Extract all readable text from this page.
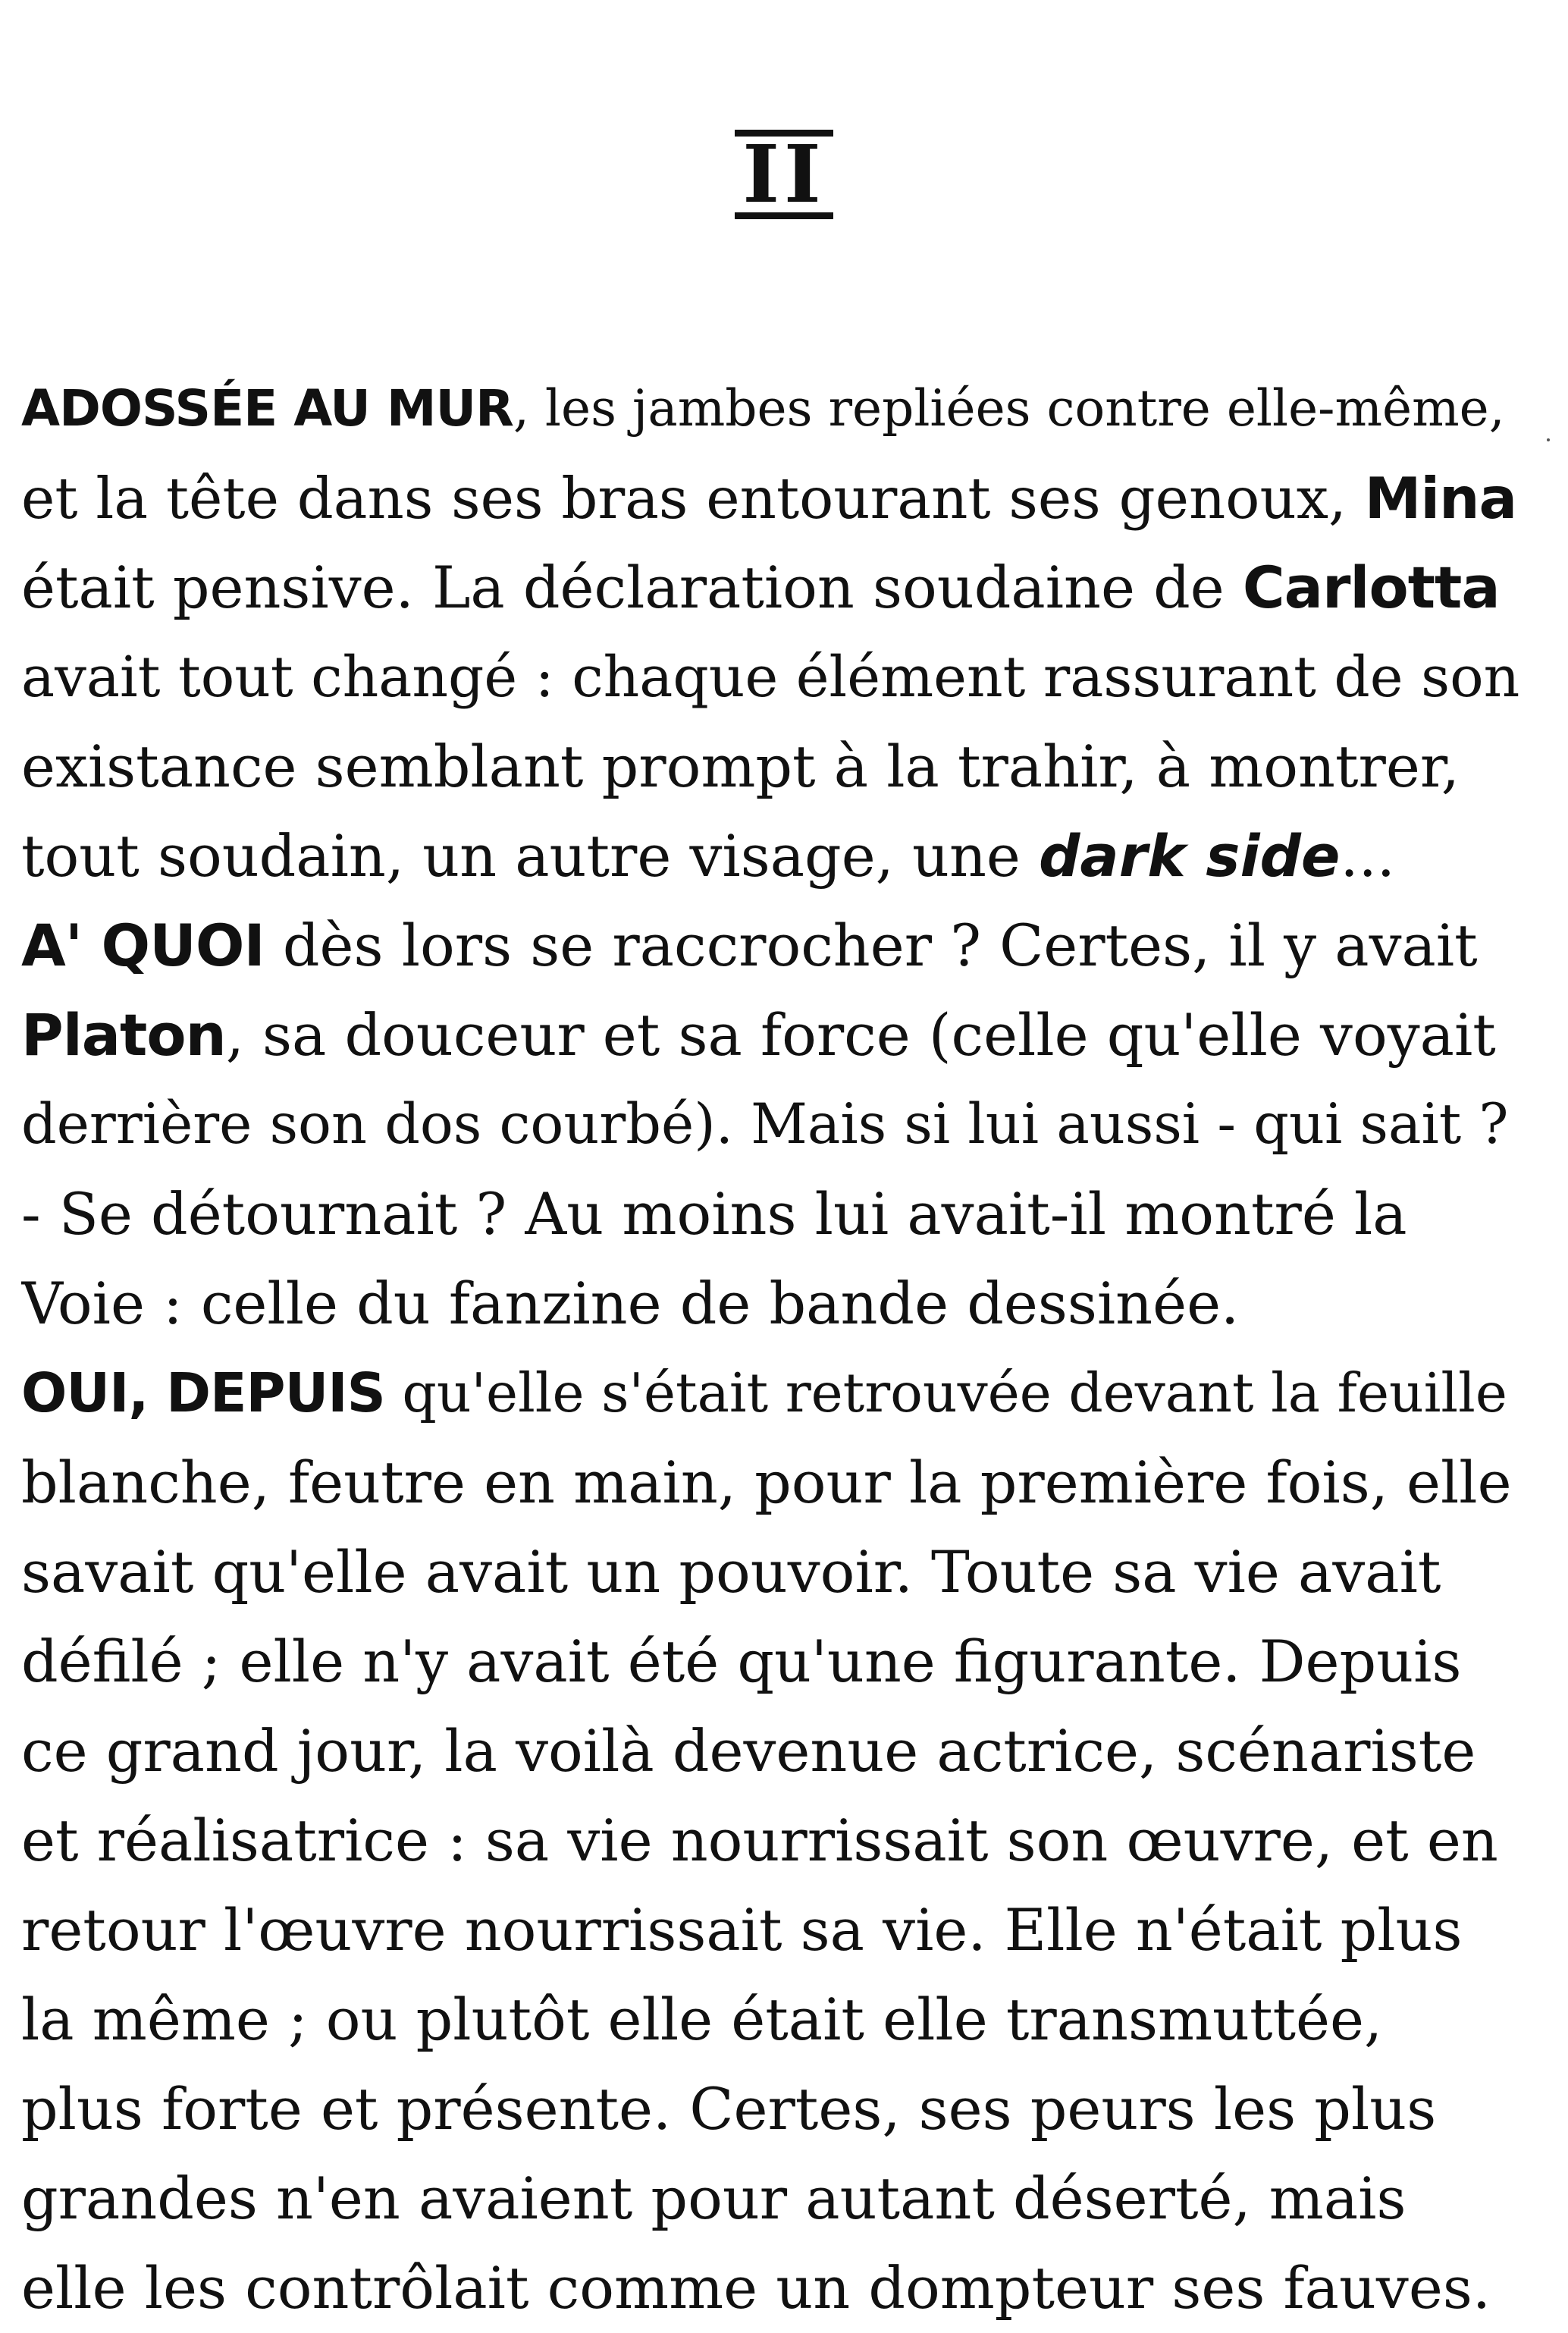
II
ADOSSÉE AU MUR, les jambes repliées contre elle-même,
et la tête dans ses bras entourant ses genoux, Mina
était pensive. La déclaration soudaine de Carlotta
avait tout changé : chaque élément rassurant de son
existance semblant prompt à la trahir, à montrer,
tout soudain, un autre visage, une dark side...
A' QUOI dès lors se raccrocher ? Certes, il y avait
Platon, sa douceur et sa force (celle qu'elle voyait
derrière son dos courbé). Mais si lui aussi - qui sait ?
- Se détournait ? Au moins lui avait-il montré la
Voie : celle du fanzine de bande dessinée.
OUI, DEPUIS qu'elle s'était retrouvée devant la feuille
blanche, feutre en main, pour la première fois, elle
savait qu'elle avait un pouvoir. Toute sa vie avait
défilé ; elle n'y avait été qu'une figurante. Depuis
ce grand jour, la voilà devenue actrice, scénariste
et réalisatrice : sa vie nourrissait son œuvre, et en
retour l'œuvre nourrissait sa vie. Elle n'était plus
la même ; ou plutôt elle était elle transmuttée,
plus forte et présente. Certes, ses peurs les plus
grandes n'en avaient pour autant déserté, mais
elle les contrôlait comme un dompteur ses fauves.
